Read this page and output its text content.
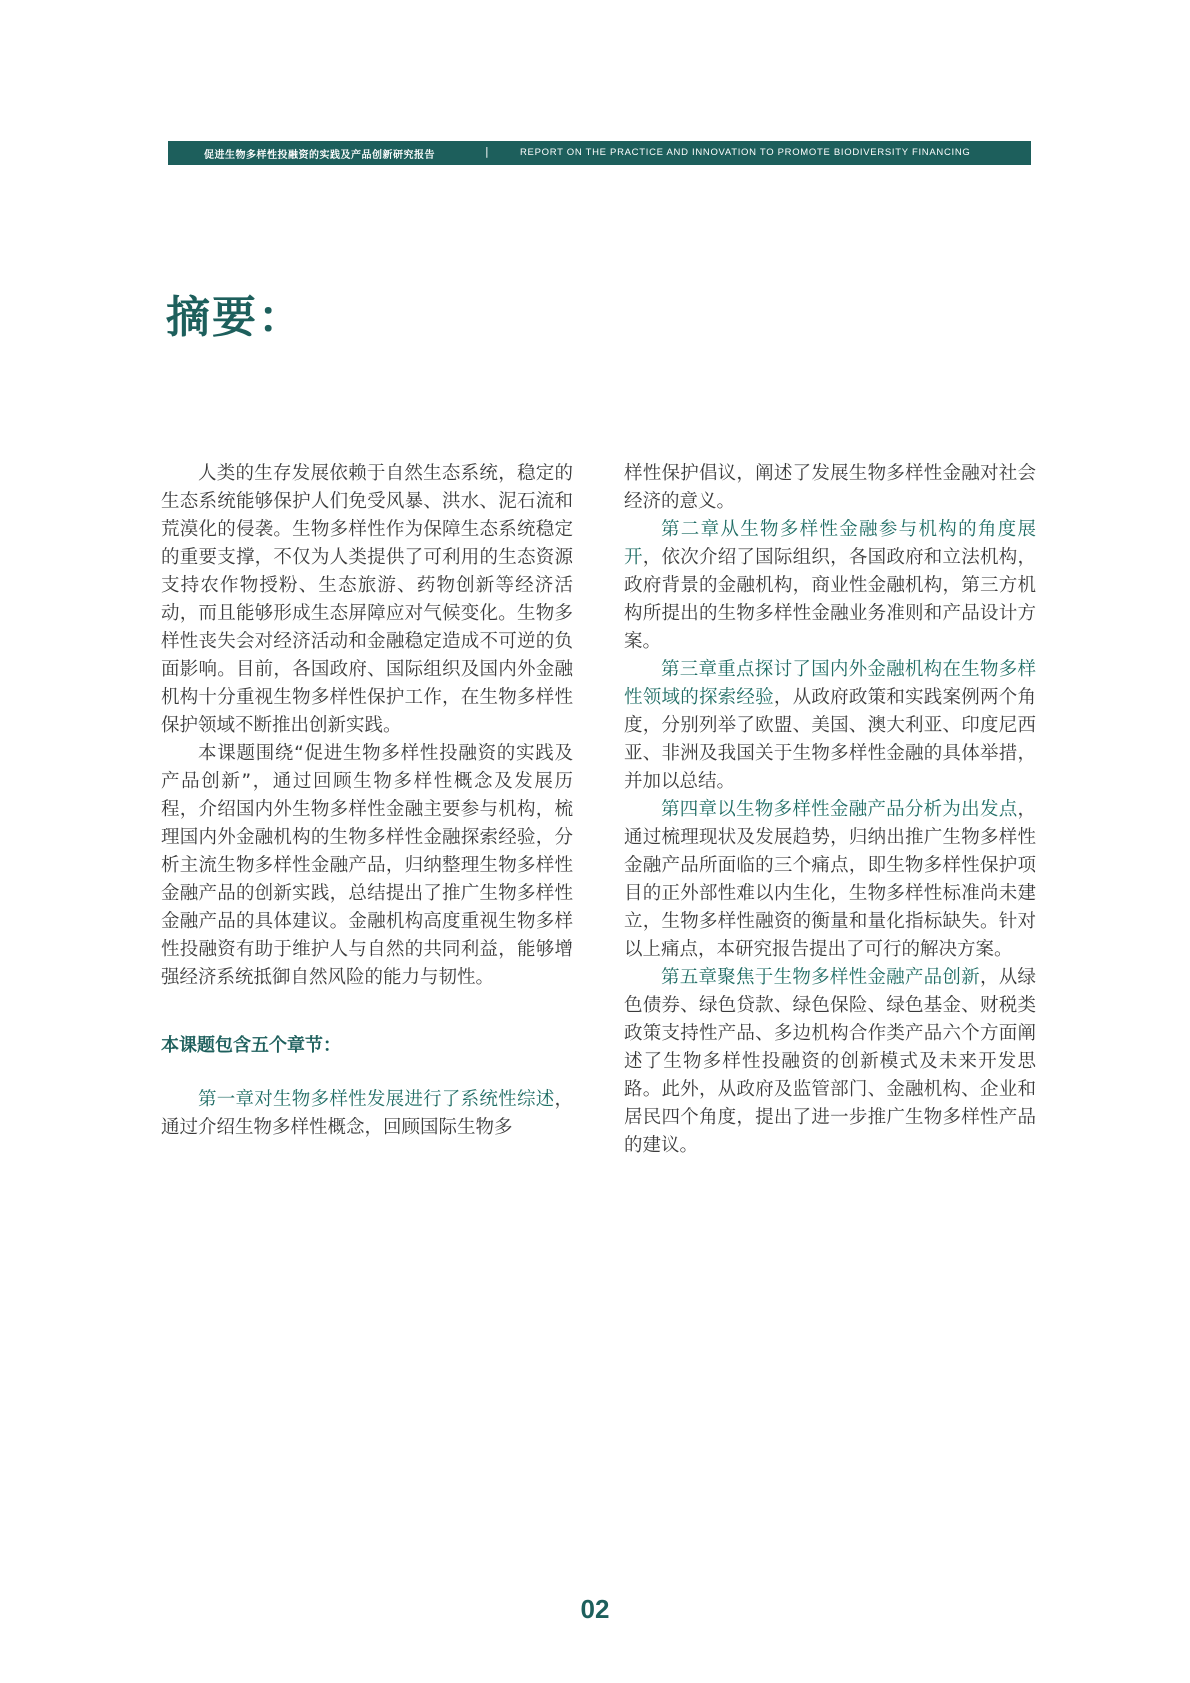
促进生物多样性投融资的实践及产品创新研究报告	|	REPORT ON THE PRACTICE AND INNOVATION TO PROMOTE BIODIVERSITY FINANCING
摘要：

人类的生存发展依赖于自然生态系统，稳定的生态系统能够保护人们免受风暴、洪水、泥石流和荒漠化的侵袭。生物多样性作为保障生态系统稳定的重要支撑，不仅为人类提供了可利用的生态资源支持农作物授粉、生态旅游、药物创新等经济活动，而且能够形成生态屏障应对气候变化。生物多样性丧失会对经济活动和金融稳定造成不可逆的负面影响。目前，各国政府、国际组织及国内外金融机构十分重视生物多样性保护工作，在生物多样性保护领域不断推出创新实践。

本课题围绕“促进生物多样性投融资的实践及产品创新”，通过回顾生物多样性概念及发展历程，介绍国内外生物多样性金融主要参与机构，梳理国内外金融机构的生物多样性金融探索经验，分析主流生物多样性金融产品，归纳整理生物多样性金融产品的创新实践，总结提出了推广生物多样性金融产品的具体建议。金融机构高度重视生物多样性投融资有助于维护人与自然的共同利益，能够增强经济系统抵御自然风险的能力与韧性。

本课题包含五个章节：

第一章对生物多样性发展进行了系统性综述，通过介绍生物多样性概念，回顾国际生物多

样性保护倡议，阐述了发展生物多样性金融对社会经济的意义。

第二章从生物多样性金融参与机构的角度展开，依次介绍了国际组织，各国政府和立法机构，政府背景的金融机构，商业性金融机构，第三方机构所提出的生物多样性金融业务准则和产品设计方案。

第三章重点探讨了国内外金融机构在生物多样性领域的探索经验，从政府政策和实践案例两个角度，分别列举了欧盟、美国、澳大利亚、印度尼西亚、非洲及我国关于生物多样性金融的具体举措，并加以总结。

第四章以生物多样性金融产品分析为出发点，通过梳理现状及发展趋势，归纳出推广生物多样性金融产品所面临的三个痛点，即生物多样性保护项目的正外部性难以内生化，生物多样性标准尚未建立，生物多样性融资的衡量和量化指标缺失。针对以上痛点，本研究报告提出了可行的解决方案。

第五章聚焦于生物多样性金融产品创新，从绿色债券、绿色贷款、绿色保险、绿色基金、财税类政策支持性产品、多边机构合作类产品六个方面阐述了生物多样性投融资的创新模式及未来开发思路。此外，从政府及监管部门、金融机构、企业和居民四个角度，提出了进一步推广生物多样性产品的建议。

02
